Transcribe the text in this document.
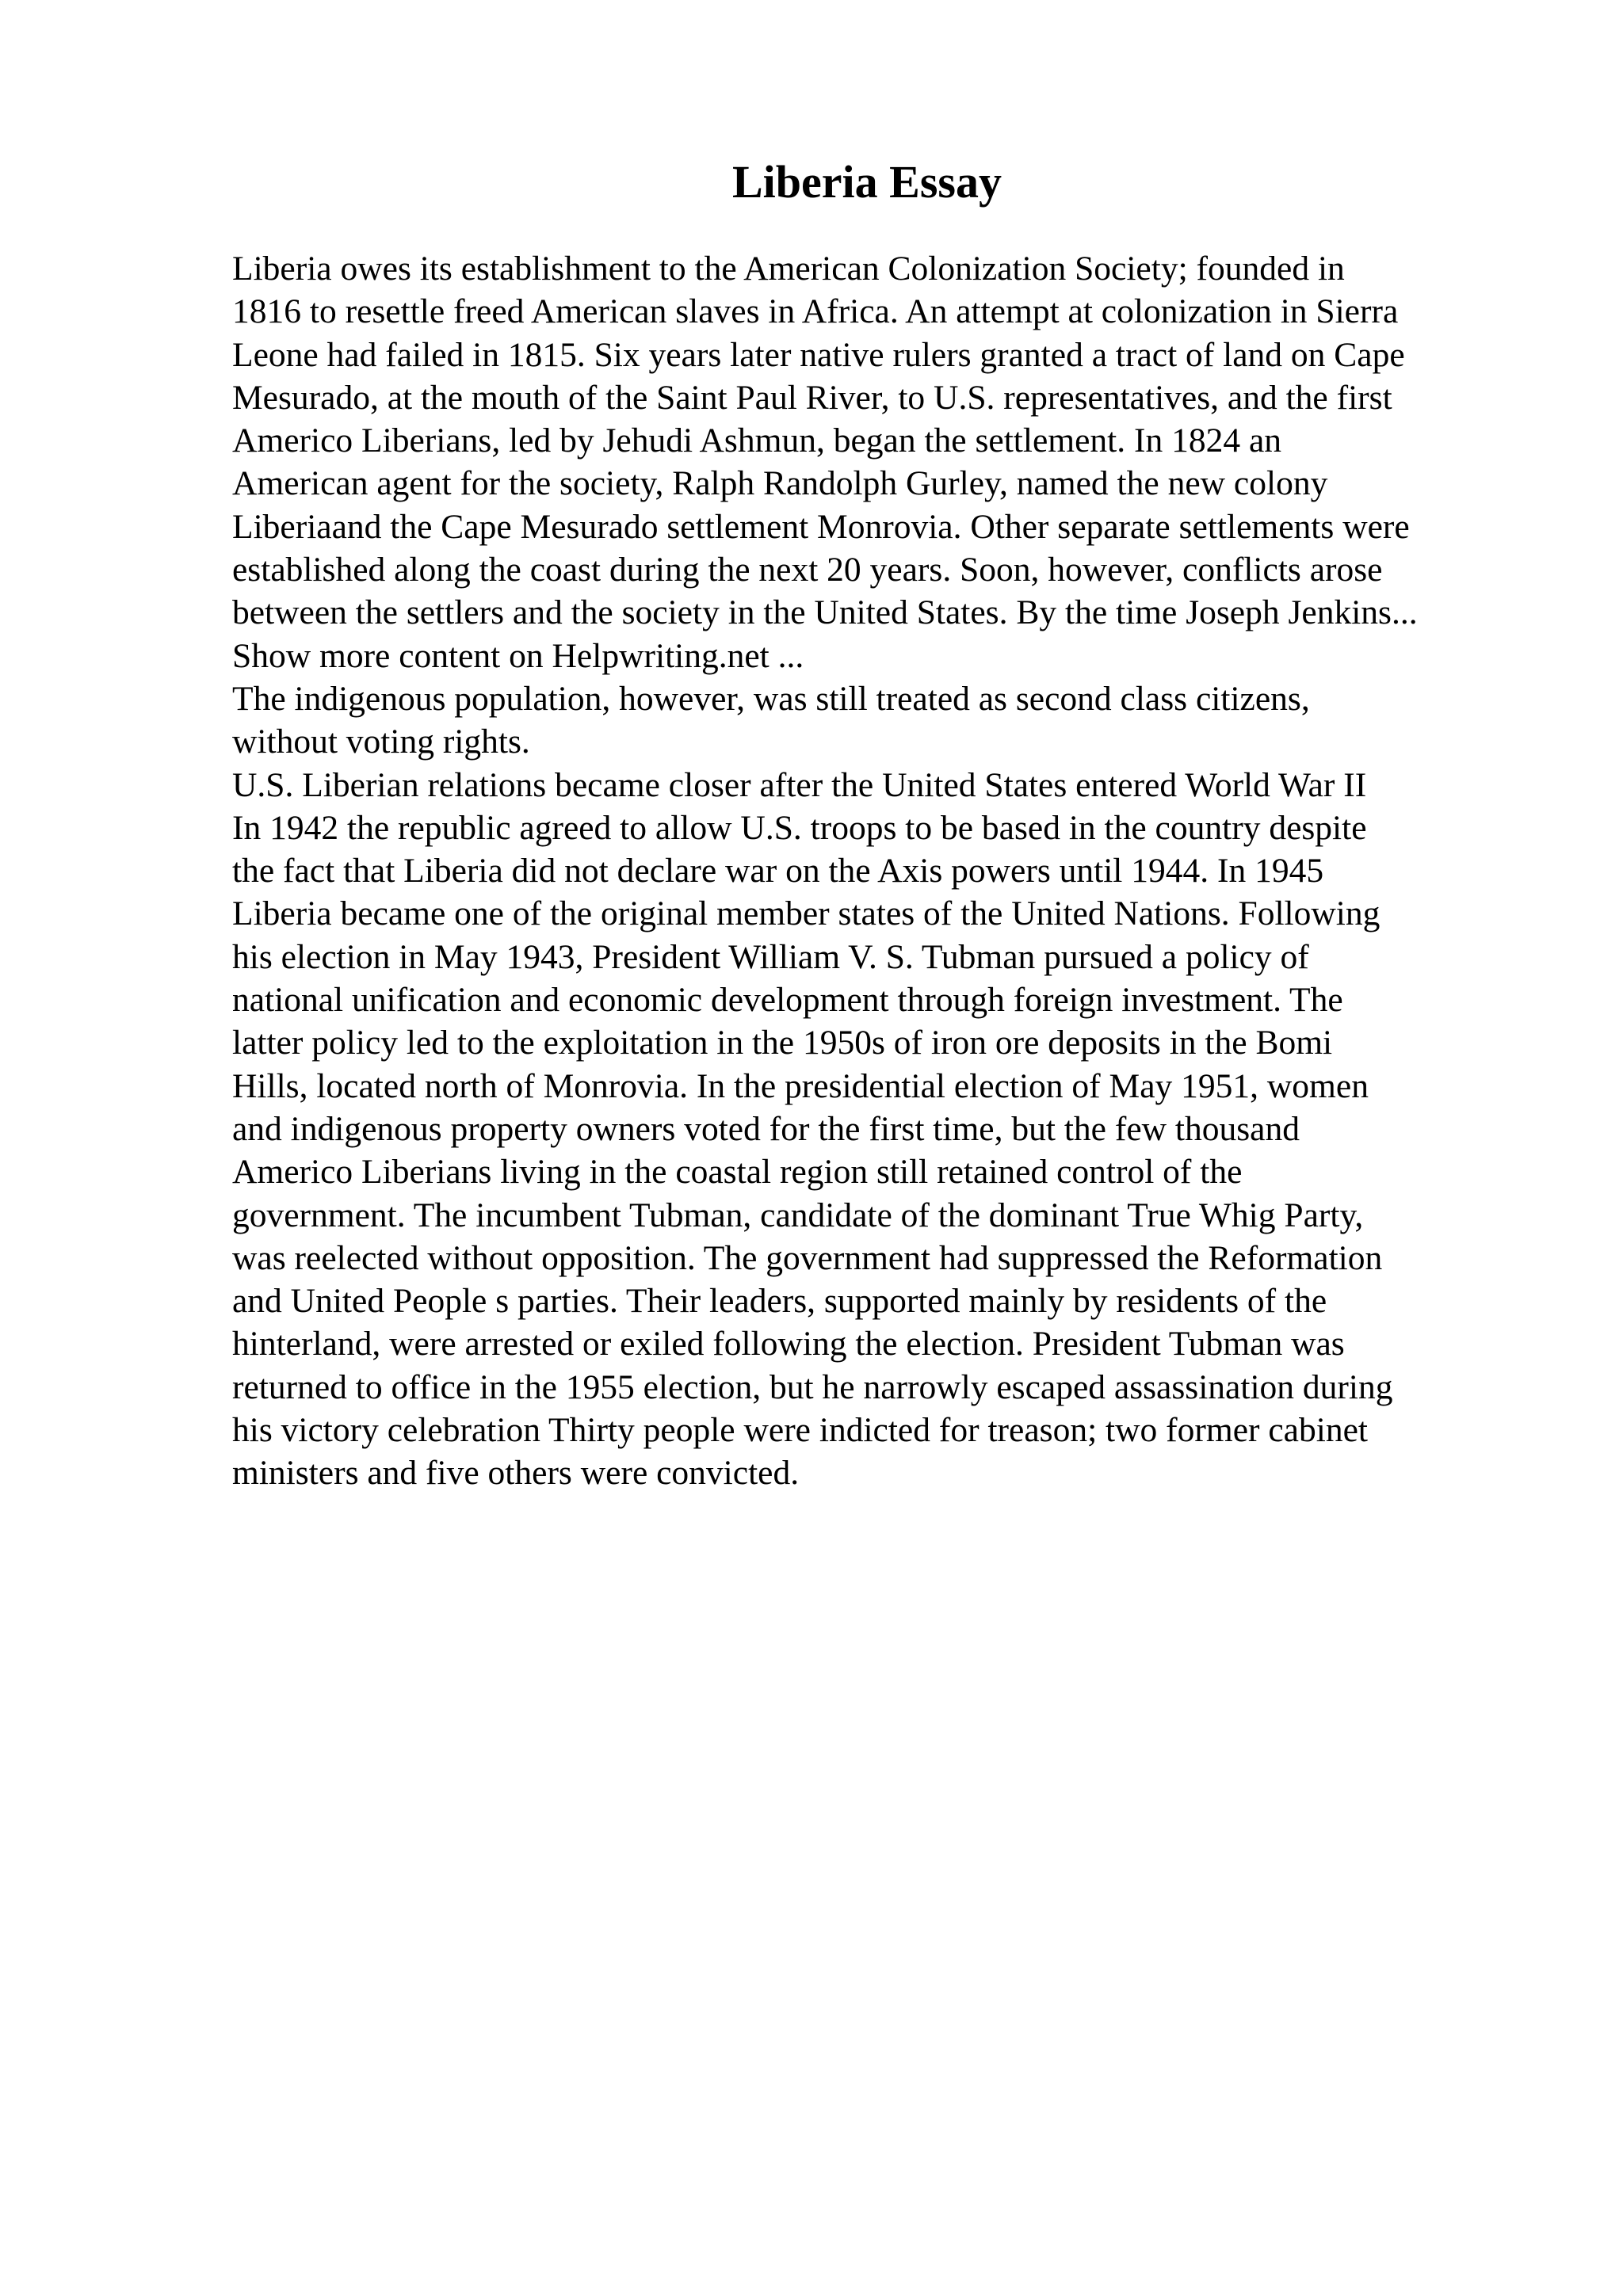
Liberia Essay
Liberia owes its establishment to the American Colonization Society; founded in
1816 to resettle freed American slaves in Africa. An attempt at colonization in Sierra
Leone had failed in 1815. Six years later native rulers granted a tract of land on Cape
Mesurado, at the mouth of the Saint Paul River, to U.S. representatives, and the first
Americo Liberians, led by Jehudi Ashmun, began the settlement. In 1824 an
American agent for the society, Ralph Randolph Gurley, named the new colony
Liberiaand the Cape Mesurado settlement Monrovia. Other separate settlements were
established along the coast during the next 20 years. Soon, however, conflicts arose
between the settlers and the society in the United States. By the time Joseph Jenkins...
Show more content on Helpwriting.net ...
The indigenous population, however, was still treated as second class citizens,
without voting rights.
U.S. Liberian relations became closer after the United States entered World War II
In 1942 the republic agreed to allow U.S. troops to be based in the country despite
the fact that Liberia did not declare war on the Axis powers until 1944. In 1945
Liberia became one of the original member states of the United Nations. Following
his election in May 1943, President William V. S. Tubman pursued a policy of
national unification and economic development through foreign investment. The
latter policy led to the exploitation in the 1950s of iron ore deposits in the Bomi
Hills, located north of Monrovia. In the presidential election of May 1951, women
and indigenous property owners voted for the first time, but the few thousand
Americo Liberians living in the coastal region still retained control of the
government. The incumbent Tubman, candidate of the dominant True Whig Party,
was reelected without opposition. The government had suppressed the Reformation
and United People s parties. Their leaders, supported mainly by residents of the
hinterland, were arrested or exiled following the election. President Tubman was
returned to office in the 1955 election, but he narrowly escaped assassination during
his victory celebration Thirty people were indicted for treason; two former cabinet
ministers and five others were convicted.
